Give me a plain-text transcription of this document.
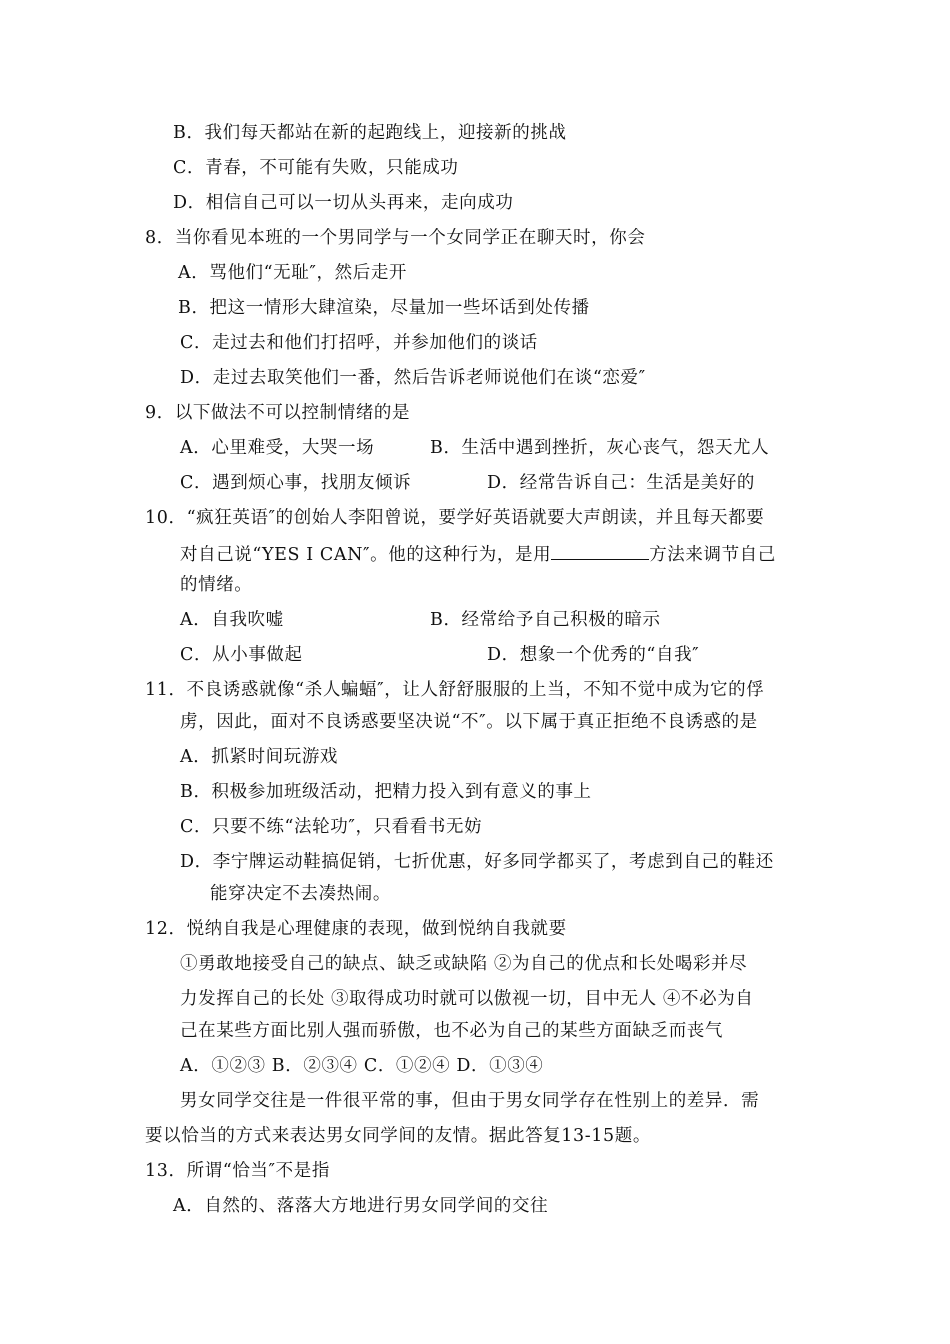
B．我们每天都站在新的起跑线上，迎接新的挑战
C．青春，不可能有失败，只能成功
D．相信自己可以一切从头再来，走向成功
8．当你看见本班的一个男同学与一个女同学正在聊天时，你会
A．骂他们“无耻″，然后走开
B．把这一情形大肆渲染，尽量加一些坏话到处传播
C．走过去和他们打招呼，并参加他们的谈话
D．走过去取笑他们一番，然后告诉老师说他们在谈“恋爱″
9．以下做法不可以控制情绪的是
A．心里难受，大哭一场	B．生活中遇到挫折，灰心丧气，怨天尤人
C．遇到烦心事，找朋友倾诉	D．经常告诉自己：生活是美好的
10．“疯狂英语″的创始人李阳曾说，要学好英语就要大声朗读，并且每天都要
对自己说“YES I CAN″。他的这种行为，是用	方法来调节自己
的情绪。
A．自我吹嘘	B．经常给予自己积极的暗示
C．从小事做起	D．想象一个优秀的“自我″
11．不良诱惑就像“杀人蝙蝠″，让人舒舒服服的上当，不知不觉中成为它的俘
虏，因此，面对不良诱惑要坚决说“不″。以下属于真正拒绝不良诱惑的是
A．抓紧时间玩游戏
B．积极参加班级活动，把精力投入到有意义的事上
C．只要不练“法轮功″，只看看书无妨
D．李宁牌运动鞋搞促销，七折优惠，好多同学都买了，考虑到自己的鞋还
能穿决定不去凑热闹。
12．悦纳自我是心理健康的表现，做到悦纳自我就要
①勇敢地接受自己的缺点、缺乏或缺陷 ②为自己的优点和长处喝彩并尽
力发挥自己的长处 ③取得成功时就可以傲视一切，目中无人 ④不必为自
己在某些方面比别人强而骄傲，也不必为自己的某些方面缺乏而丧气
A．①②③ B．②③④ C．①②④ D．①③④
男女同学交往是一件很平常的事，但由于男女同学存在性别上的差异．需
要以恰当的方式来表达男女同学间的友情。据此答复13-15题。
13．所谓“恰当″不是指
A．自然的、落落大方地进行男女同学间的交往
